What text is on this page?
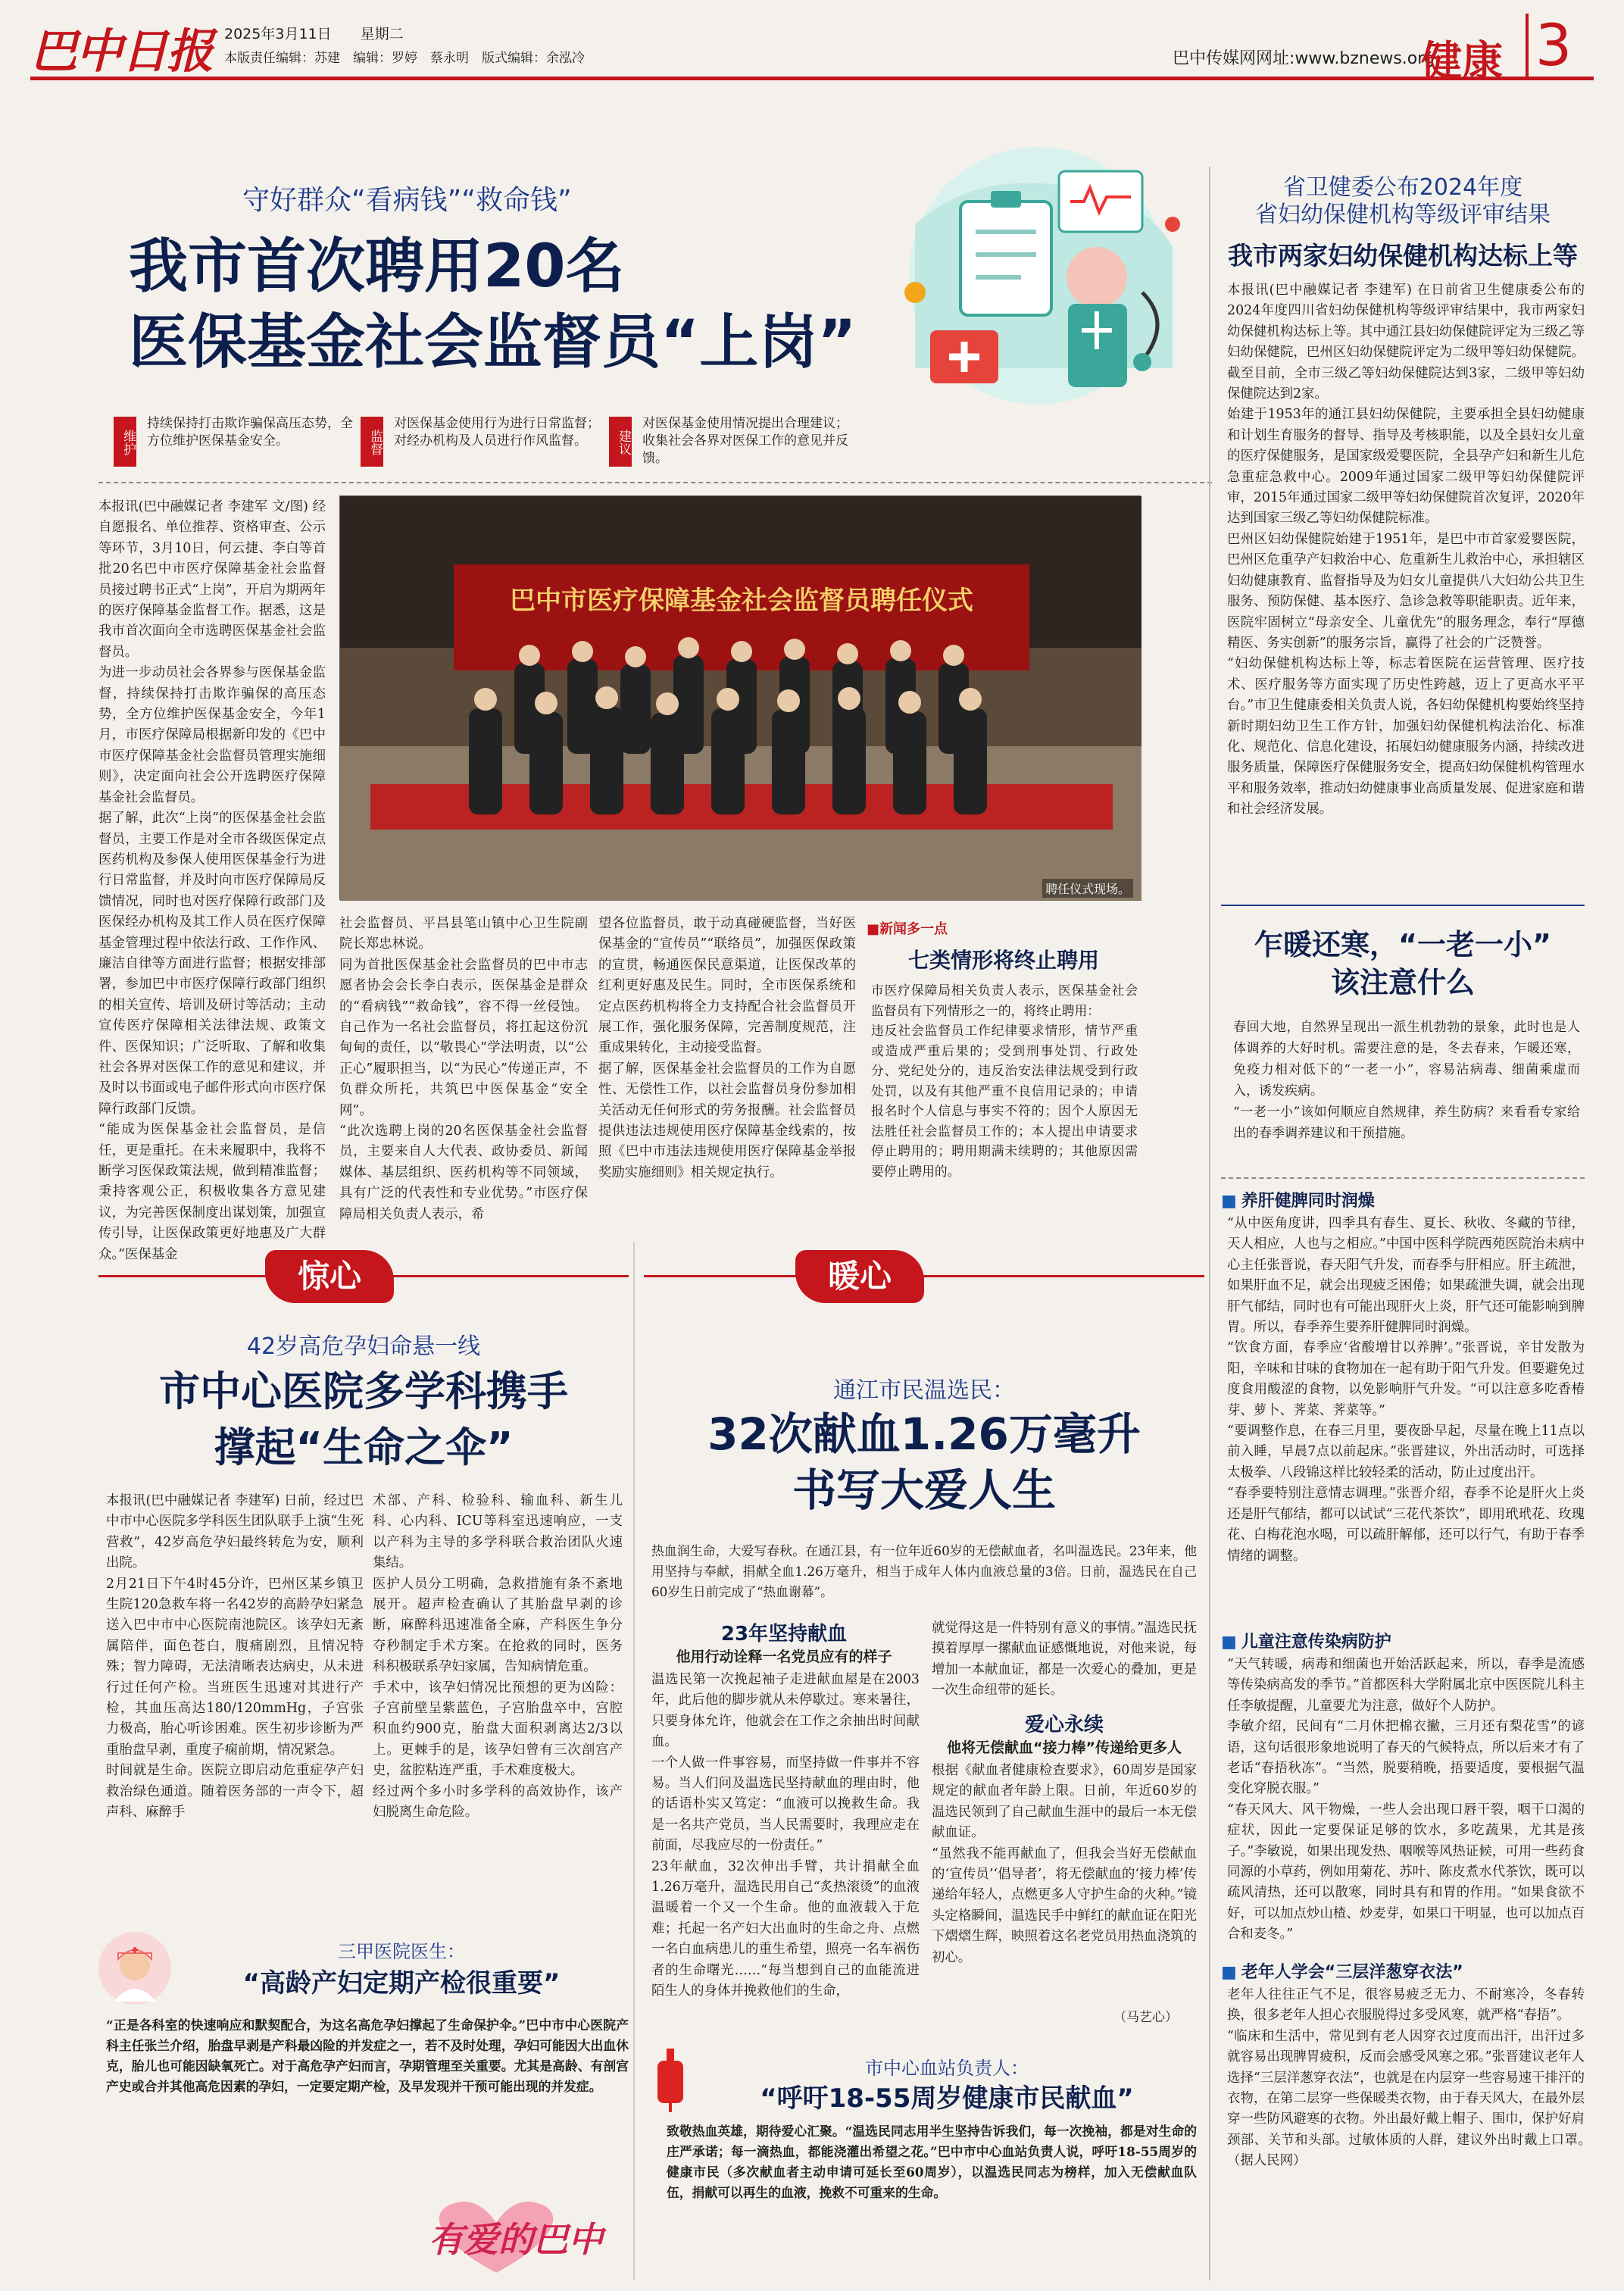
巴中日报 2025年3月11日　　 星期二
本版责任编辑：苏建　编辑：罗婷　蔡永明　版式编辑：余泓冷	巴中传媒网网址:www.bznews.org
健康 3
守好群众“看病钱”“救命钱”
我市首次聘用20名
医保基金社会监督员“上岗”
维护
持续保持打击欺诈骗保高压态势，全方位维护医保基金安全。	监督
对医保基金使用行为进行日常监督；对经办机构及人员进行作风监督。	建议
对医保基金使用情况提出合理建议；收集社会各界对医保工作的意见并反馈。
本报讯(巴中融媒记者 李建军 文/图) 经自愿报名、单位推荐、资格审查、公示等环节，3月10日，何云捷、李白等首批20名巴中市医疗保障基金社会监督员接过聘书正式“上岗”，开启为期两年的医疗保障基金监督工作。据悉，这是我市首次面向全市选聘医保基金社会监督员。
为进一步动员社会各界参与医保基金监督，持续保持打击欺诈骗保的高压态势，全方位维护医保基金安全，今年1月，市医疗保障局根据新印发的《巴中市医疗保障基金社会监督员管理实施细则》，决定面向社会公开选聘医疗保障基金社会监督员。
据了解，此次“上岗”的医保基金社会监督员，主要工作是对全市各级医保定点医药机构及参保人使用医保基金行为进行日常监督，并及时向市医疗保障局反馈情况，同时也对医疗保障行政部门及医保经办机构及其工作人员在医疗保障基金管理过程中依法行政、工作作风、廉洁自律等方面进行监督；根据安排部署，参加巴中市医疗保障行政部门组织的相关宣传、培训及研讨等活动；主动宣传医疗保障相关法律法规、政策文件、医保知识；广泛听取、了解和收集社会各界对医保工作的意见和建议，并及时以书面或电子邮件形式向市医疗保障行政部门反馈。
“能成为医保基金社会监督员，是信任，更是重托。在未来履职中，我将不断学习医保政策法规，做到精准监督；秉持客观公正，积极收集各方意见建议，为完善医保制度出谋划策，加强宣传引导，让医保政策更好地惠及广大群众。”医保基金
巴中市医疗保障基金社会监督员聘任仪式
聘任仪式现场。
社会监督员、平昌县笔山镇中心卫生院副院长郑忠林说。
同为首批医保基金社会监督员的巴中市志愿者协会会长李白表示，医保基金是群众的“看病钱”“救命钱”，容不得一丝侵蚀。自己作为一名社会监督员，将扛起这份沉甸甸的责任，以“敬畏心”学法明责，以“公正心”履职担当，以“为民心”传递正声，不负群众所托，共筑巴中医保基金“安全网”。
“此次选聘上岗的20名医保基金社会监督员，主要来自人大代表、政协委员、新闻媒体、基层组织、医药机构等不同领域，具有广泛的代表性和专业优势。”市医疗保障局相关负责人表示，希
望各位监督员，敢于动真碰硬监督，当好医保基金的“宣传员”“联络员”，加强医保政策的宣贯，畅通医保民意渠道，让医保改革的红利更好惠及民生。同时，全市医保系统和定点医药机构将全力支持配合社会监督员开展工作，强化服务保障，完善制度规范，注重成果转化，主动接受监督。
据了解，医保基金社会监督员的工作为自愿性、无偿性工作，以社会监督员身份参加相关活动无任何形式的劳务报酬。社会监督员提供违法违规使用医疗保障基金线索的，按照《巴中市违法违规使用医疗保障基金举报奖励实施细则》相关规定执行。
■新闻多一点
七类情形将终止聘用
市医疗保障局相关负责人表示，医保基金社会监督员有下列情形之一的，将终止聘用：
违反社会监督员工作纪律要求情形，情节严重或造成严重后果的；受到刑事处罚、行政处分、党纪处分的，违反治安法律法规受到行政处罚，以及有其他严重不良信用记录的；申请报名时个人信息与事实不符的；因个人原因无法胜任社会监督员工作的；本人提出申请要求停止聘用的；聘用期满未续聘的；其他原因需要停止聘用的。
省卫健委公布2024年度
省妇幼保健机构等级评审结果
我市两家妇幼保健机构达标上等
本报讯(巴中融媒记者 李建军) 在日前省卫生健康委公布的2024年度四川省妇幼保健机构等级评审结果中，我市两家妇幼保健机构达标上等。其中通江县妇幼保健院评定为三级乙等妇幼保健院，巴州区妇幼保健院评定为二级甲等妇幼保健院。截至目前，全市三级乙等妇幼保健院达到3家，二级甲等妇幼保健院达到2家。
始建于1953年的通江县妇幼保健院，主要承担全县妇幼健康和计划生育服务的督导、指导及考核职能，以及全县妇女儿童的医疗保健服务，是国家级爱婴医院，全县孕产妇和新生儿危急重症急救中心。2009年通过国家二级甲等妇幼保健院评审，2015年通过国家二级甲等妇幼保健院首次复评，2020年达到国家三级乙等妇幼保健院标准。
巴州区妇幼保健院始建于1951年，是巴中市首家爱婴医院，巴州区危重孕产妇救治中心、危重新生儿救治中心，承担辖区妇幼健康教育、监督指导及为妇女儿童提供八大妇幼公共卫生服务、预防保健、基本医疗、急诊急救等职能职责。近年来，医院牢固树立“母亲安全、儿童优先”的服务理念，奉行“厚德精医、务实创新”的服务宗旨，赢得了社会的广泛赞誉。
“妇幼保健机构达标上等，标志着医院在运营管理、医疗技术、医疗服务等方面实现了历史性跨越，迈上了更高水平平台。”市卫生健康委相关负责人说，各妇幼保健机构要始终坚持新时期妇幼卫生工作方针，加强妇幼保健机构法治化、标准化、规范化、信息化建设，拓展妇幼健康服务内涵，持续改进服务质量，保障医疗保健服务安全，提高妇幼保健机构管理水平和服务效率，推动妇幼健康事业高质量发展、促进家庭和谐和社会经济发展。
乍暖还寒，“一老一小”
该注意什么
春回大地，自然界呈现出一派生机勃勃的景象，此时也是人体调养的大好时机。需要注意的是，冬去春来，乍暖还寒，免疫力相对低下的“一老一小”，容易沾病毒、细菌乘虚而入，诱发疾病。
“一老一小”该如何顺应自然规律，养生防病？来看看专家给出的春季调养建议和干预措施。
■ 养肝健脾同时润燥
“从中医角度讲，四季具有春生、夏长、秋收、冬藏的节律，天人相应，人也与之相应。”中国中医科学院西苑医院治未病中心主任张晋说，春天阳气升发，而春季与肝相应。肝主疏泄，如果肝血不足，就会出现疲乏困倦；如果疏泄失调，就会出现肝气郁结，同时也有可能出现肝火上炎，肝气还可能影响到脾胃。所以，春季养生要养肝健脾同时润燥。
“饮食方面，春季应‘省酸增甘以养脾’。”张晋说，辛甘发散为阳，辛味和甘味的食物加在一起有助于阳气升发。但要避免过度食用酸涩的食物，以免影响肝气升发。“可以注意多吃香椿芽、萝卜、荠菜、荠菜等。”
“要调整作息，在春三月里，要夜卧早起，尽量在晚上11点以前入睡，早晨7点以前起床。”张晋建议，外出活动时，可选择太极拳、八段锦这样比较轻柔的活动，防止过度出汗。
“春季要特别注意情志调理。”张晋介绍，春季不论是肝火上炎还是肝气郁结，都可以试试“三花代茶饮”，即用玳玳花、玫瑰花、白梅花泡水喝，可以疏肝解郁，还可以行气，有助于春季情绪的调整。
■ 儿童注意传染病防护
“天气转暖，病毒和细菌也开始活跃起来，所以，春季是流感等传染病高发的季节。”首都医科大学附属北京中医医院儿科主任李敏提醒，儿童要尤为注意，做好个人防护。
李敏介绍，民间有“二月休把棉衣撇，三月还有梨花雪”的谚语，这句话很形象地说明了春天的气候特点，所以后来才有了老话“春捂秋冻”。“当然，脱要稍晚，捂要适度，要根据气温变化穿脱衣服。”
“春天风大、风干物燥，一些人会出现口唇干裂，咽干口渴的症状，因此一定要保证足够的饮水，多吃蔬果，尤其是孩子。”李敏说，如果出现发热、咽喉等风热证候，可用一些药食同源的小草药，例如用菊花、苏叶、陈皮煮水代茶饮，既可以疏风清热，还可以散寒，同时具有和胃的作用。“如果食欲不好，可以加点炒山楂、炒麦芽，如果口干明显，也可以加点百合和麦冬。”
■ 老年人学会“三层洋葱穿衣法”
老年人往往正气不足，很容易疲乏无力、不耐寒冷，冬春转换，很多老年人担心衣服脱得过多受风寒，就严格“春捂”。
“临床和生活中，常见到有老人因穿衣过度而出汗，出汗过多就容易出现脾胃疲积，反而会感受风寒之邪。”张晋建议老年人选择“三层洋葱穿衣法”，也就是在内层穿一些容易速干排汗的衣物，在第二层穿一些保暖类衣物，由于春天风大，在最外层穿一些防风避寒的衣物。外出最好戴上帽子、围巾，保护好肩颈部、关节和头部。过敏体质的人群，建议外出时戴上口罩。　（据人民网）
惊心	暖心
42岁高危孕妇命悬一线
市中心医院多学科携手
撑起“生命之伞”
本报讯(巴中融媒记者 李建军) 日前，经过巴中市中心医院多学科医生团队联手上演“生死营救”，42岁高危孕妇最终转危为安，顺利出院。
2月21日下午4时45分许，巴州区某乡镇卫生院120急救车将一名42岁的高龄孕妇紧急送入巴中市中心医院南池院区。该孕妇无紊属陪伴，面色苍白，腹痛剧烈，且情况特殊；智力障碍，无法清晰表达病史，从未进行过任何产检。当班医生迅速对其进行产检，其血压高达180/120mmHg，子宫张力极高，胎心听诊困难。医生初步诊断为严重胎盘早剥，重度子痫前期，情况紧急。
时间就是生命。医院立即启动危重症孕产妇救治绿色通道。随着医务部的一声令下，超声科、麻醉手
术部、产科、检验科、输血科、新生儿科、心内科、ICU等科室迅速响应，一支以产科为主导的多学科联合救治团队火速集结。
医护人员分工明确，急救措施有条不紊地展开。超声检查确认了其胎盘早剥的诊断，麻醉科迅速准备全麻，产科医生争分夺秒制定手术方案。在抢救的同时，医务科积极联系孕妇家属，告知病情危重。
手术中，该孕妇情况比预想的更为凶险：子宫前壁呈紫蓝色，子宫胎盘卒中，宫腔积血约900克，胎盘大面积剥离达2/3以上。更棘手的是，该孕妇曾有三次剖宫产史，盆腔粘连严重，手术难度极大。
经过两个多小时多学科的高效协作，该产妇脱离生命危险。
三甲医院医生：
“高龄产妇定期产检很重要”
“正是各科室的快速响应和默契配合，为这名高危孕妇撑起了生命保护伞。”巴中市中心医院产科主任张兰介绍，胎盘早剥是产科最凶险的并发症之一，若不及时处理，孕妇可能因大出血休克，胎儿也可能因缺氧死亡。对于高危孕产妇而言，孕期管理至关重要。尤其是高龄、有剖宫产史或合并其他高危因素的孕妇，一定要定期产检，及早发现并干预可能出现的并发症。
有爱的巴中
通江市民温选民：
32次献血1.26万毫升
书写大爱人生
热血润生命，大爱写春秋。在通江县，有一位年近60岁的无偿献血者，名叫温选民。23年来，他用坚持与奉献，捐献全血1.26万毫升，相当于成年人体内血液总量的3倍。日前，温选民在自己60岁生日前完成了“热血谢幕”。
23年坚持献血
他用行动诠释一名党员应有的样子
温选民第一次挽起袖子走进献血屋是在2003年，此后他的脚步就从未停歇过。寒来暑往，只要身体允许，他就会在工作之余抽出时间献血。
一个人做一件事容易，而坚持做一件事并不容易。当人们问及温选民坚持献血的理由时，他的话语朴实又笃定：“血液可以挽救生命。我是一名共产党员，当人民需要时，我理应走在前面，尽我应尽的一份责任。”
23年献血，32次伸出手臂，共计捐献全血1.26万毫升，温选民用自己“炙热滚烫”的血液温暖着一个又一个生命。他的血液载入于危难；托起一名产妇大出血时的生命之舟、点燃一名白血病患儿的重生希望，照亮一名车祸伤者的生命曙光……“每当想到自己的血能流进陌生人的身体并挽救他们的生命，
就觉得这是一件特别有意义的事情。”温选民抚摸着厚厚一摞献血证感慨地说，对他来说，每增加一本献血证，都是一次爱心的叠加，更是一次生命纽带的延长。
爱心永续
他将无偿献血“接力棒”传递给更多人
根据《献血者健康检查要求》，60周岁是国家规定的献血者年龄上限。日前，年近60岁的温选民领到了自己献血生涯中的最后一本无偿献血证。
“虽然我不能再献血了，但我会当好无偿献血的‘宣传员’‘倡导者’，将无偿献血的‘接力棒’传递给年轻人，点燃更多人守护生命的火种。”镜头定格瞬间，温选民手中鲜红的献血证在阳光下熠熠生辉，映照着这名老党员用热血浇筑的初心。
（马艺心）
市中心血站负责人：
“呼吁18-55周岁健康市民献血”
致敬热血英雄，期待爱心汇聚。“温选民同志用半生坚持告诉我们，每一次挽袖，都是对生命的庄严承诺；每一滴热血，都能浇灌出希望之花。”巴中市中心血站负责人说，呼吁18-55周岁的健康市民（多次献血者主动申请可延长至60周岁），以温选民同志为榜样，加入无偿献血队伍，捐献可以再生的血液，挽救不可重来的生命。
